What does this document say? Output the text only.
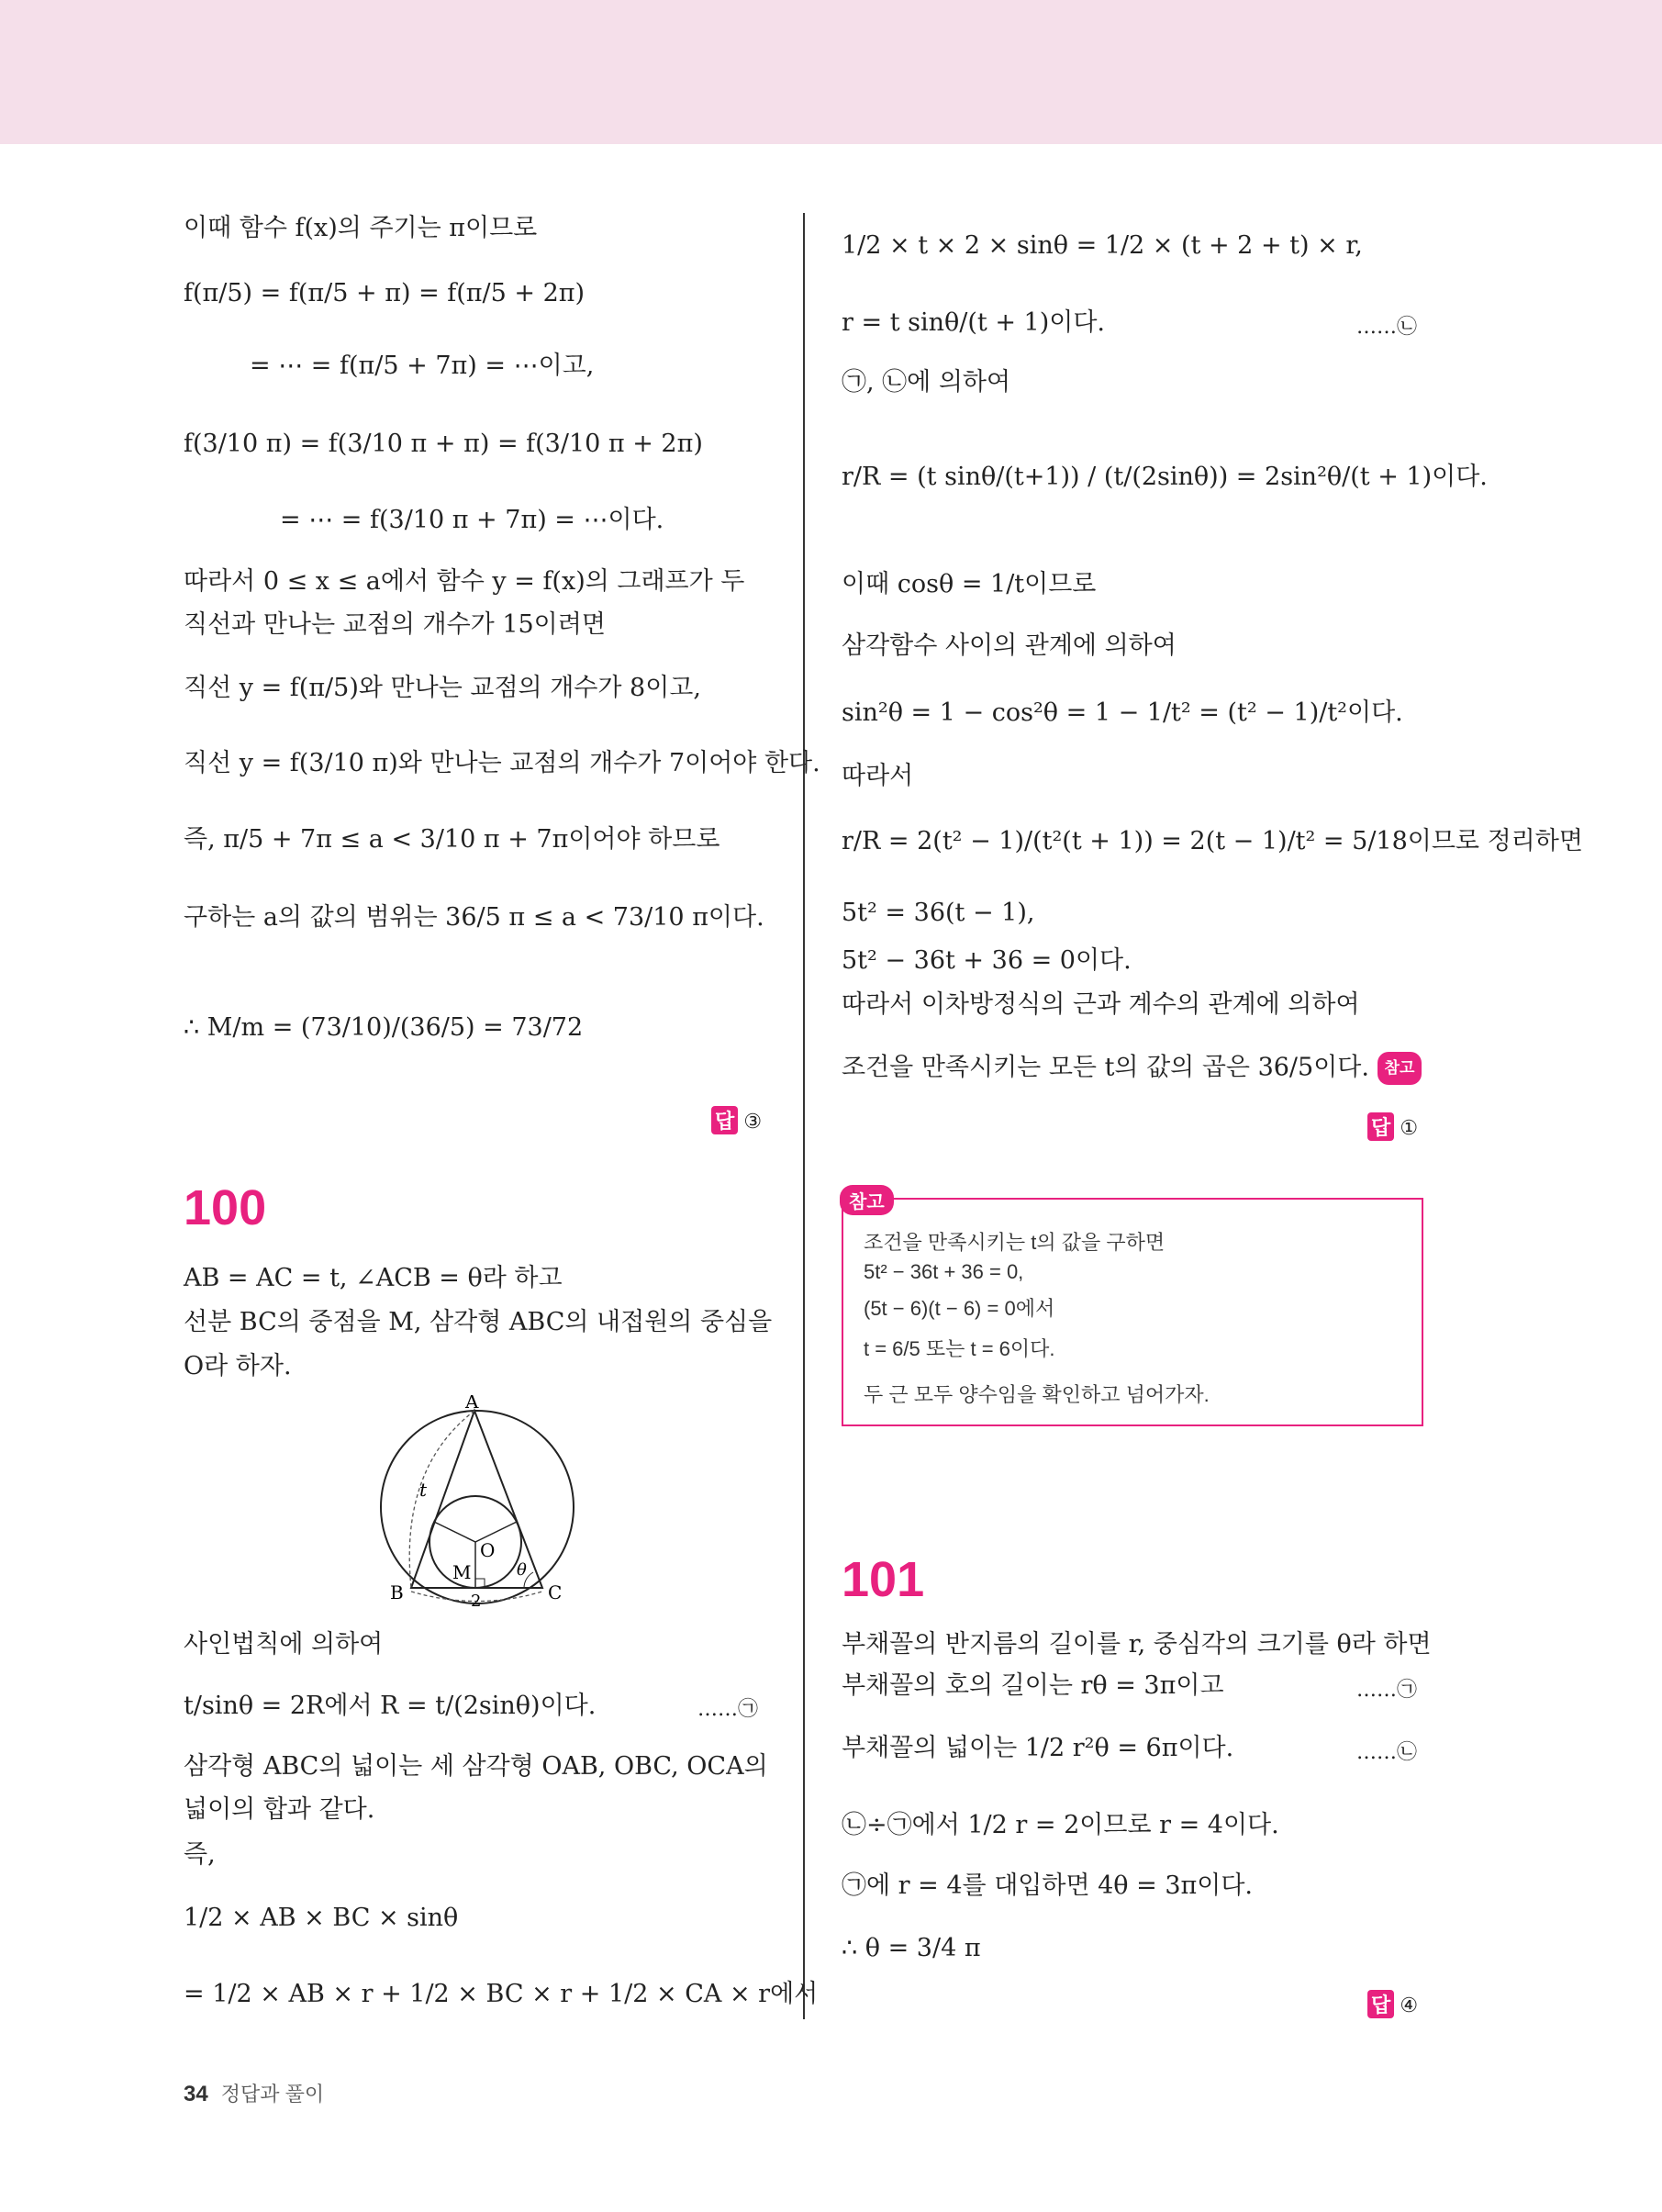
이때 함수 f(x)의 주기는 π이므로
f(π/5) = f(π/5 + π) = f(π/5 + 2π)
= ⋯ = f(π/5 + 7π) = ⋯이고,
f(3/10 π) = f(3/10 π + π) = f(3/10 π + 2π)
= ⋯ = f(3/10 π + 7π) = ⋯이다.
따라서 0 ≤ x ≤ a에서 함수 y = f(x)의 그래프가 두
직선과 만나는 교점의 개수가 15이려면
직선 y = f(π/5)와 만나는 교점의 개수가 8이고,
직선 y = f(3/10 π)와 만나는 교점의 개수가 7이어야 한다.
즉, π/5 + 7π ≤ a < 3/10 π + 7π이어야 하므로
구하는 a의 값의 범위는 36/5 π ≤ a < 73/10 π이다.
∴ M/m = (73/10)/(36/5) = 73/72
답 ③
100
AB = AC = t, ∠ACB = θ라 하고
선분 BC의 중점을 M, 삼각형 ABC의 내접원의 중심을
O라 하자.
A
B	C
O
M
t
θ
2
사인법칙에 의하여
t/sinθ = 2R에서 R = t/(2sinθ)이다.	……㉠
삼각형 ABC의 넓이는 세 삼각형 OAB, OBC, OCA의
넓이의 합과 같다.
즉,
1/2 × AB × BC × sinθ
= 1/2 × AB × r + 1/2 × BC × r + 1/2 × CA × r에서
1/2 × t × 2 × sinθ = 1/2 × (t + 2 + t) × r,
r = t sinθ/(t + 1)이다.	……㉡
㉠, ㉡에 의하여
r/R = (t sinθ/(t+1)) / (t/(2sinθ)) = 2sin²θ/(t + 1)이다.
이때 cosθ = 1/t이므로
삼각함수 사이의 관계에 의하여
sin²θ = 1 − cos²θ = 1 − 1/t² = (t² − 1)/t²이다.
따라서
r/R = 2(t² − 1)/(t²(t + 1)) = 2(t − 1)/t² = 5/18이므로 정리하면
5t² = 36(t − 1),
5t² − 36t + 36 = 0이다.
따라서 이차방정식의 근과 계수의 관계에 의하여
조건을 만족시키는 모든 t의 값의 곱은 36/5이다. 참고
답 ①
참고
조건을 만족시키는 t의 값을 구하면
5t² − 36t + 36 = 0,
(5t − 6)(t − 6) = 0에서
t = 6/5 또는 t = 6이다.
두 근 모두 양수임을 확인하고 넘어가자.
101
부채꼴의 반지름의 길이를 r, 중심각의 크기를 θ라 하면
부채꼴의 호의 길이는 rθ = 3π이고	……㉠
부채꼴의 넓이는 1/2 r²θ = 6π이다.	……㉡
㉡÷㉠에서 1/2 r = 2이므로 r = 4이다.
㉠에 r = 4를 대입하면 4θ = 3π이다.
∴ θ = 3/4 π
답 ④
34 정답과 풀이
